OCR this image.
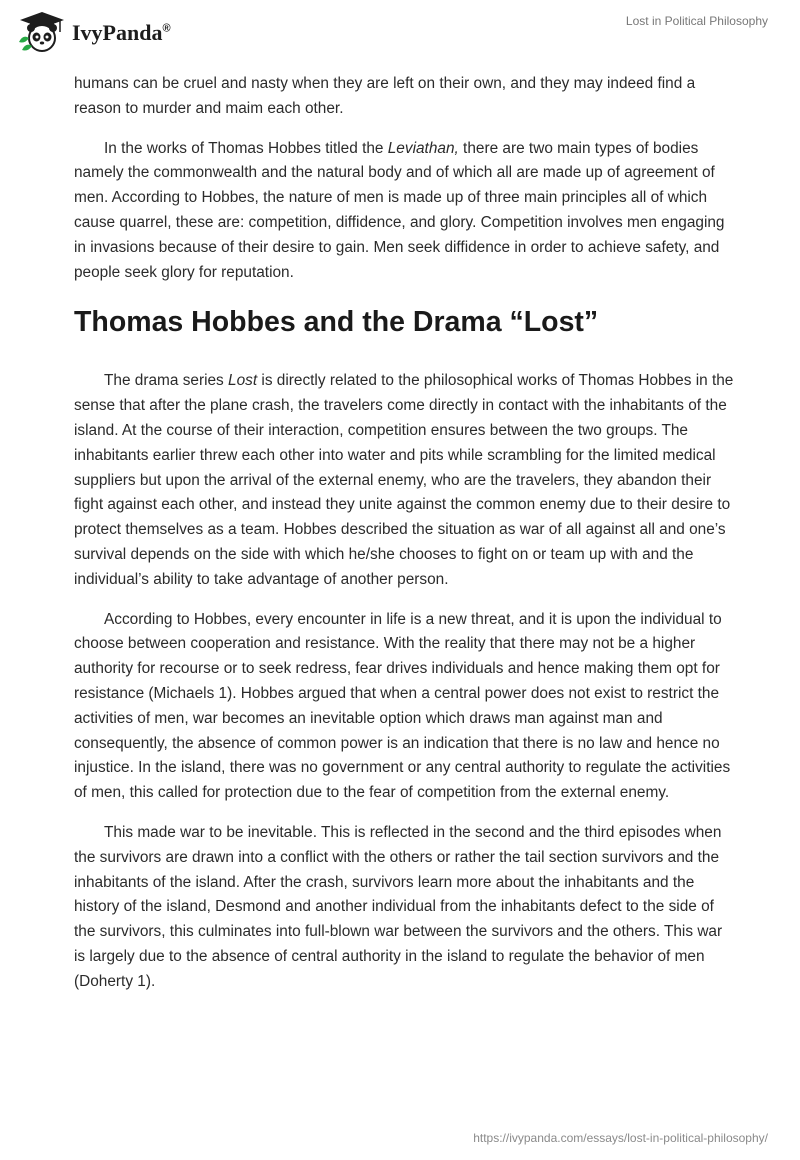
IvyPanda®
Lost in Political Philosophy

humans can be cruel and nasty when they are left on their own, and they may indeed find a reason to murder and maim each other.

In the works of Thomas Hobbes titled the Leviathan, there are two main types of bodies namely the commonwealth and the natural body and of which all are made up of agreement of men. According to Hobbes, the nature of men is made up of three main principles all of which cause quarrel, these are: competition, diffidence, and glory. Competition involves men engaging in invasions because of their desire to gain. Men seek diffidence in order to achieve safety, and people seek glory for reputation.

Thomas Hobbes and the Drama “Lost”

The drama series Lost is directly related to the philosophical works of Thomas Hobbes in the sense that after the plane crash, the travelers come directly in contact with the inhabitants of the island. At the course of their interaction, competition ensures between the two groups. The inhabitants earlier threw each other into water and pits while scrambling for the limited medical suppliers but upon the arrival of the external enemy, who are the travelers, they abandon their fight against each other, and instead they unite against the common enemy due to their desire to protect themselves as a team. Hobbes described the situation as war of all against all and one’s survival depends on the side with which he/she chooses to fight on or team up with and the individual’s ability to take advantage of another person.

According to Hobbes, every encounter in life is a new threat, and it is upon the individual to choose between cooperation and resistance. With the reality that there may not be a higher authority for recourse or to seek redress, fear drives individuals and hence making them opt for resistance (Michaels 1). Hobbes argued that when a central power does not exist to restrict the activities of men, war becomes an inevitable option which draws man against man and consequently, the absence of common power is an indication that there is no law and hence no injustice. In the island, there was no government or any central authority to regulate the activities of men, this called for protection due to the fear of competition from the external enemy.

This made war to be inevitable. This is reflected in the second and the third episodes when the survivors are drawn into a conflict with the others or rather the tail section survivors and the inhabitants of the island. After the crash, survivors learn more about the inhabitants and the history of the island, Desmond and another individual from the inhabitants defect to the side of the survivors, this culminates into full-blown war between the survivors and the others. This war is largely due to the absence of central authority in the island to regulate the behavior of men (Doherty 1).

https://ivypanda.com/essays/lost-in-political-philosophy/
